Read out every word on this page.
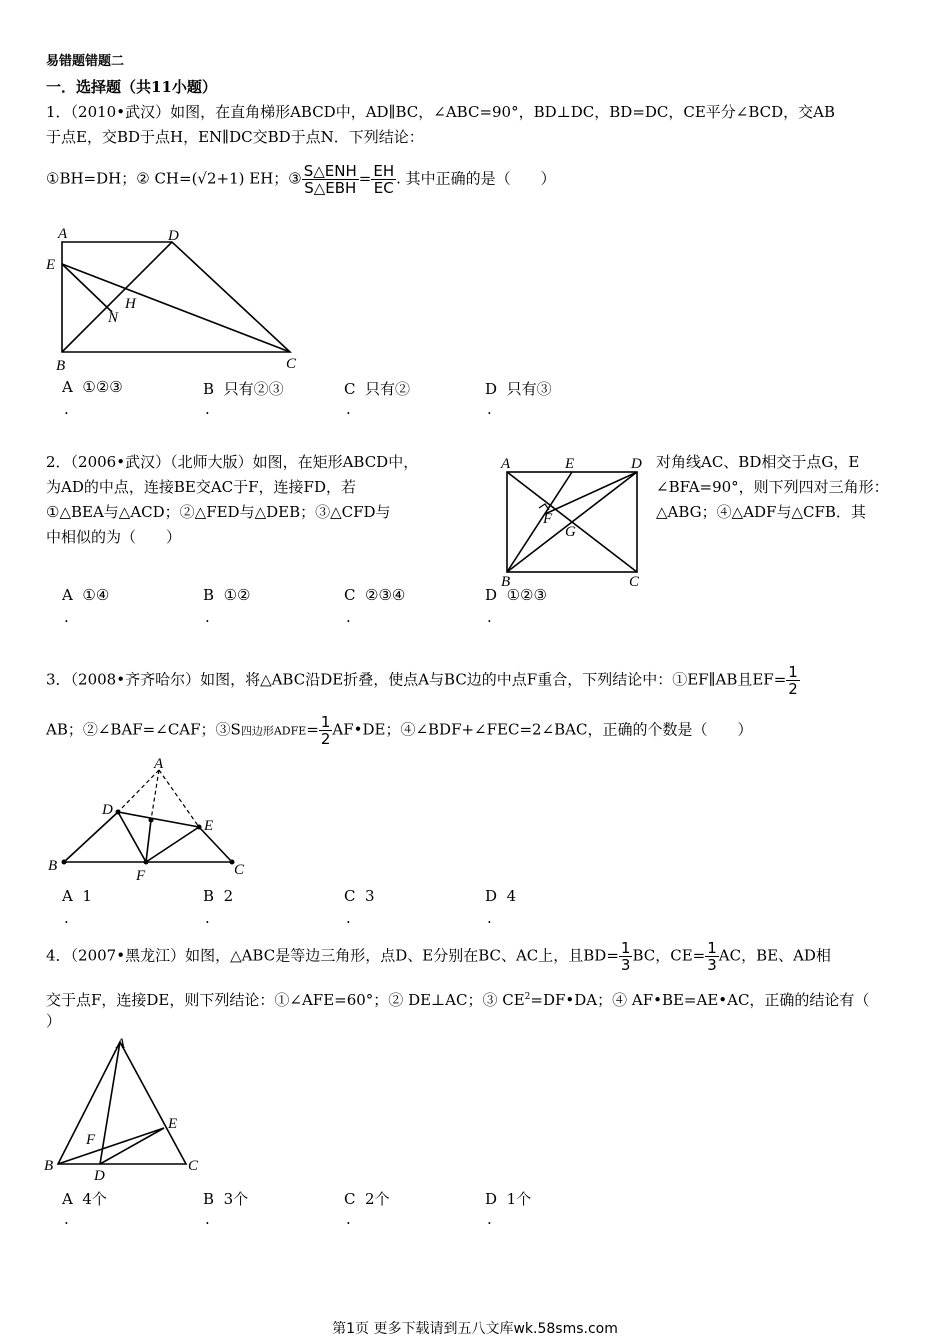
易错题错题二
一．选择题（共11小题）
1．（2010•武汉）如图，在直角梯形ABCD中，AD∥BC，∠ABC=90°，BD⊥DC，BD=DC，CE平分∠BCD，交AB
于点E，交BD于点H，EN∥DC交BD于点N．下列结论：
①BH=DH；② CH=(√2+1) EH；③ $\frac{\text{S△ENH}}{\text{S△EBH}} = \frac{EH}{EC}$ . 其中正确的是（　　）
A	D
E
H
N
B	C
A ①②③
.
B 只有②③
.
C 只有②
.
D 只有③
.
2．（2006•武汉）（北师大版）如图，在矩形ABCD中，
为AD的中点，连接BE交AC于F，连接FD，若
①△BEA与△ACD；②△FED与△DEB；③△CFD与
中相似的为（　　）
A	E	D
F
G
B	C
对角线AC、BD相交于点G，E
∠BFA=90°，则下列四对三角形：
△ABG；④△ADF与△CFB．其
A ①④
.
B ①②
.
C ②③④
.
D ①②③
.
3．（2008•齐齐哈尔）如图，将△ABC沿DE折叠，使点A与BC边的中点F重合，下列结论中：①EF∥AB且$EF= \frac{1}{2}$
AB；②∠BAF=∠CAF；③S四边形ADFE= $\frac{1}{2}$ AF•DE；④∠BDF+∠FEC=2∠BAC，正确的个数是（　　）
A
D
E
B
F	C
A 1
.
B 2
.
C 3
.
D 4
.
4．（2007•黑龙江）如图，△ABC是等边三角形，点D、E分别在BC、AC上，且$BD= \frac{1}{3}$ BC，$CE= \frac{1}{3}$ AC，BE、AD相
交于点F，连接DE，则下列结论：①∠AFE=60°；② DE⊥AC；③ $CE^2=DF•DA$；④ AF•BE=AE•AC，正确的结论有（
）
A
E
F
B
D
C
A 4个
.
B 3个
.
C 2个
.
D 1个
.
第1页 更多下载请到五八文库wk.58sms.com
